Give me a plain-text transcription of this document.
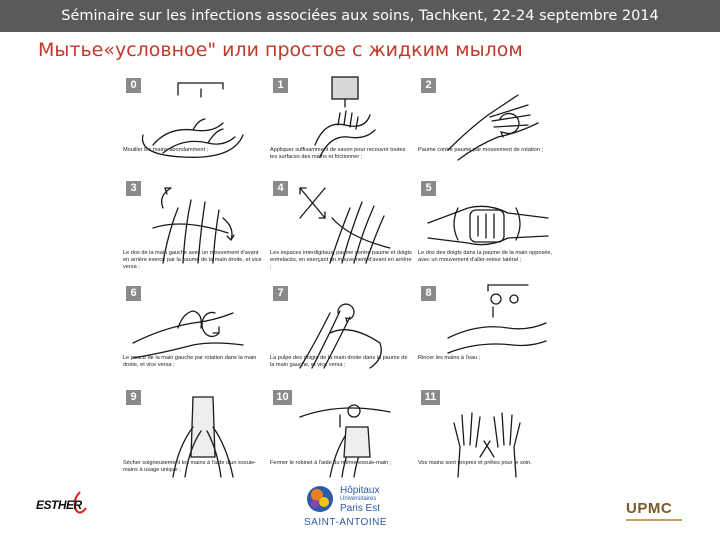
Séminaire sur les infections associées aux soins, Tachkent, 22-24 septembre 2014
Мытье«условное" или простое с жидким мылом
0
Mouiller les mains abondamment ;
1
Appliquer suffisamment de savon pour recouvrir toutes les surfaces des mains et frictionner ;
2
Paume contre paume par mouvement de rotation ;
3
Le dos de la main gauche avec un mouvement d'avant en arrière exercé par la paume de la main droite, et vice versa ;
4
Les espaces interdigitaux, paume contre paume et doigts entrelacés, en exerçant un mouvement d'avant en arrière ;
5
Le dos des doigts dans la paume de la main opposée, avec un mouvement d'aller-retour latéral ;
6
Le pouce de la main gauche par rotation dans la main droite, et vice versa ;
7
La pulpe des doigts de la main droite dans la paume de la main gauche, et vice versa ;
8
Rincer les mains à l'eau ;
9
Sécher soigneusement les mains à l'aide d'un essuie-mains à usage unique ;
10
Fermer le robinet à l'aide du même essuie-main ;
11
Vos mains sont propres et prêtes pour le soin.
ESTHER
Hôpitaux
Universitaires
Paris Est
SAINT-ANTOINE
UPMC
